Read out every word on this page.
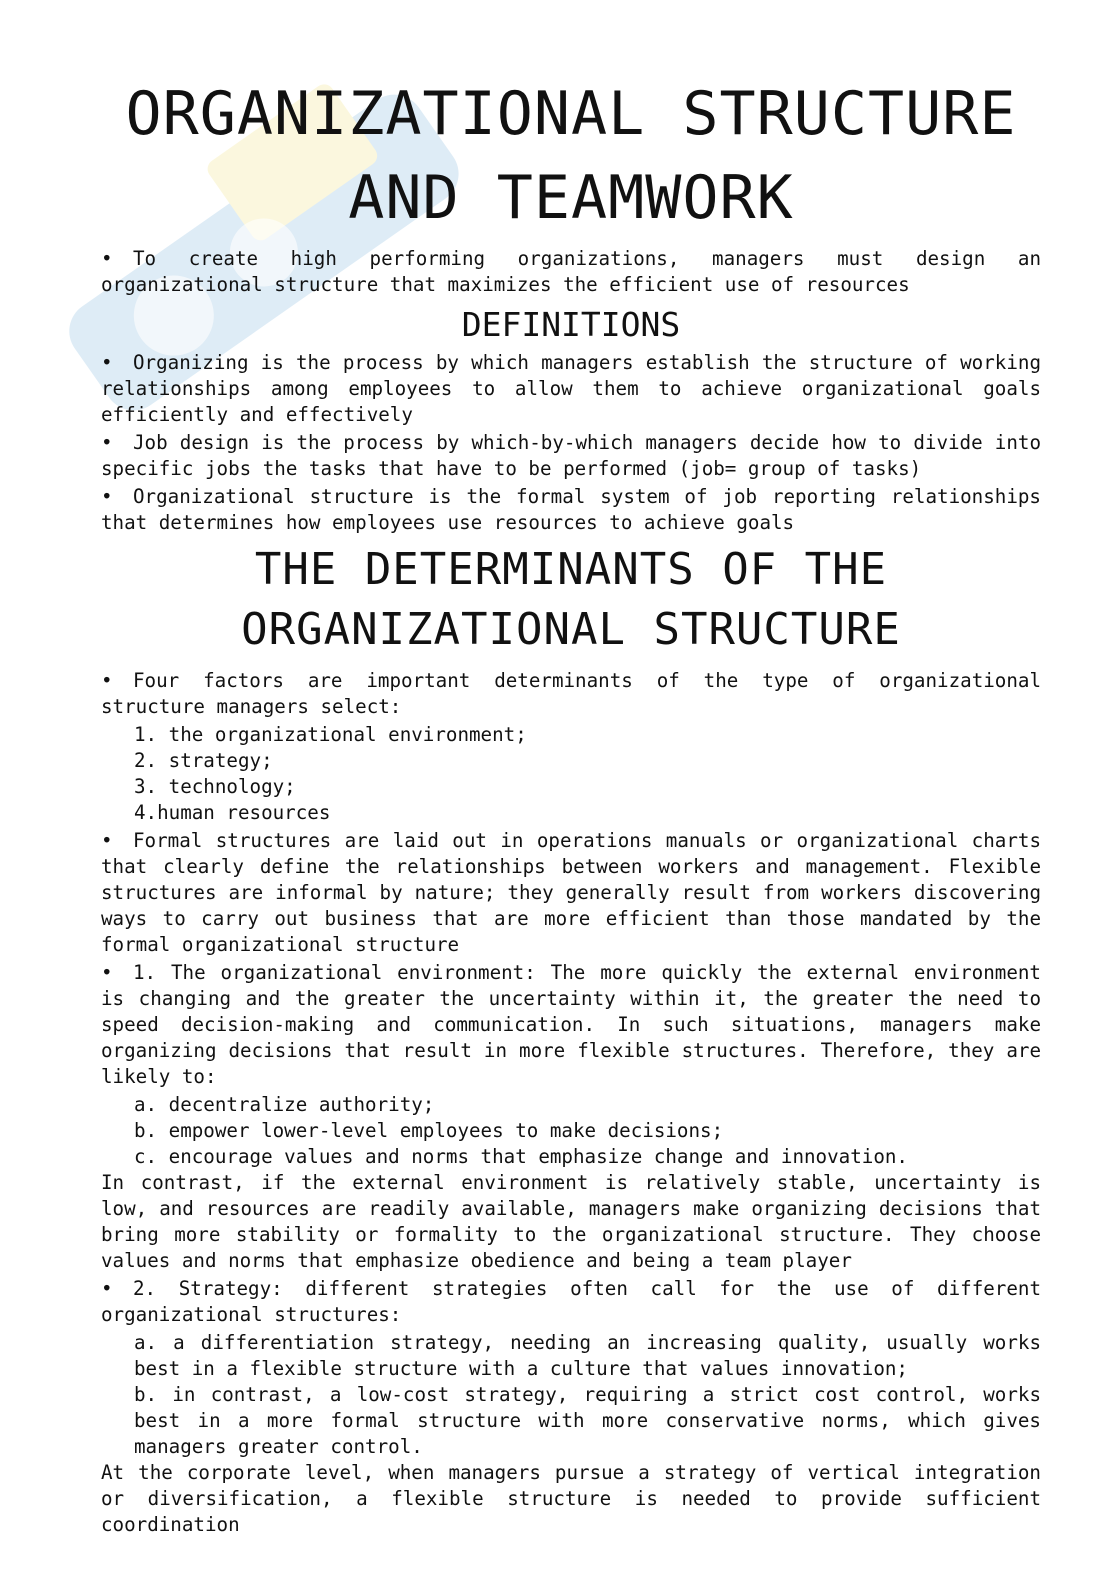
ORGANIZATIONAL STRUCTURE
AND TEAMWORK

• To create high performing organizations, managers must design an organizational structure that maximizes the efficient use of resources

DEFINITIONS

• Organizing is the process by which managers establish the structure of working relationships among employees to allow them to achieve organizational goals efficiently and effectively

• Job design is the process by which-by-which managers decide how to divide into specific jobs the tasks that have to be performed (job= group of tasks)

• Organizational structure is the formal system of job reporting relationships that determines how employees use resources to achieve goals

THE DETERMINANTS OF THE
ORGANIZATIONAL STRUCTURE

• Four factors are important determinants of the type of organizational structure managers select:

1. the organizational environment;
2. strategy;
3. technology;
4.human resources

• Formal structures are laid out in operations manuals or organizational charts that clearly define the relationships between workers and management. Flexible structures are informal by nature; they generally result from workers discovering ways to carry out business that are more efficient than those mandated by the formal organizational structure

• 1. The organizational environment: The more quickly the external environment is changing and the greater the uncertainty within it, the greater the need to speed decision-making and communication. In such situations, managers make organizing decisions that result in more flexible structures. Therefore, they are likely to:

a. decentralize authority;
b. empower lower-level employees to make decisions;
c. encourage values and norms that emphasize change and innovation.

In contrast, if the external environment is relatively stable, uncertainty is low, and resources are readily available, managers make organizing decisions that bring more stability or formality to the organizational structure. They choose values and norms that emphasize obedience and being a team player

• 2. Strategy: different strategies often call for the use of different organizational structures:

a. a differentiation strategy, needing an increasing quality, usually works best in a flexible structure with a culture that values innovation;
b. in contrast, a low-cost strategy, requiring a strict cost control, works best in a more formal structure with more conservative norms, which gives managers greater control.

At the corporate level, when managers pursue a strategy of vertical integration or diversification, a flexible structure is needed to provide sufficient coordination
